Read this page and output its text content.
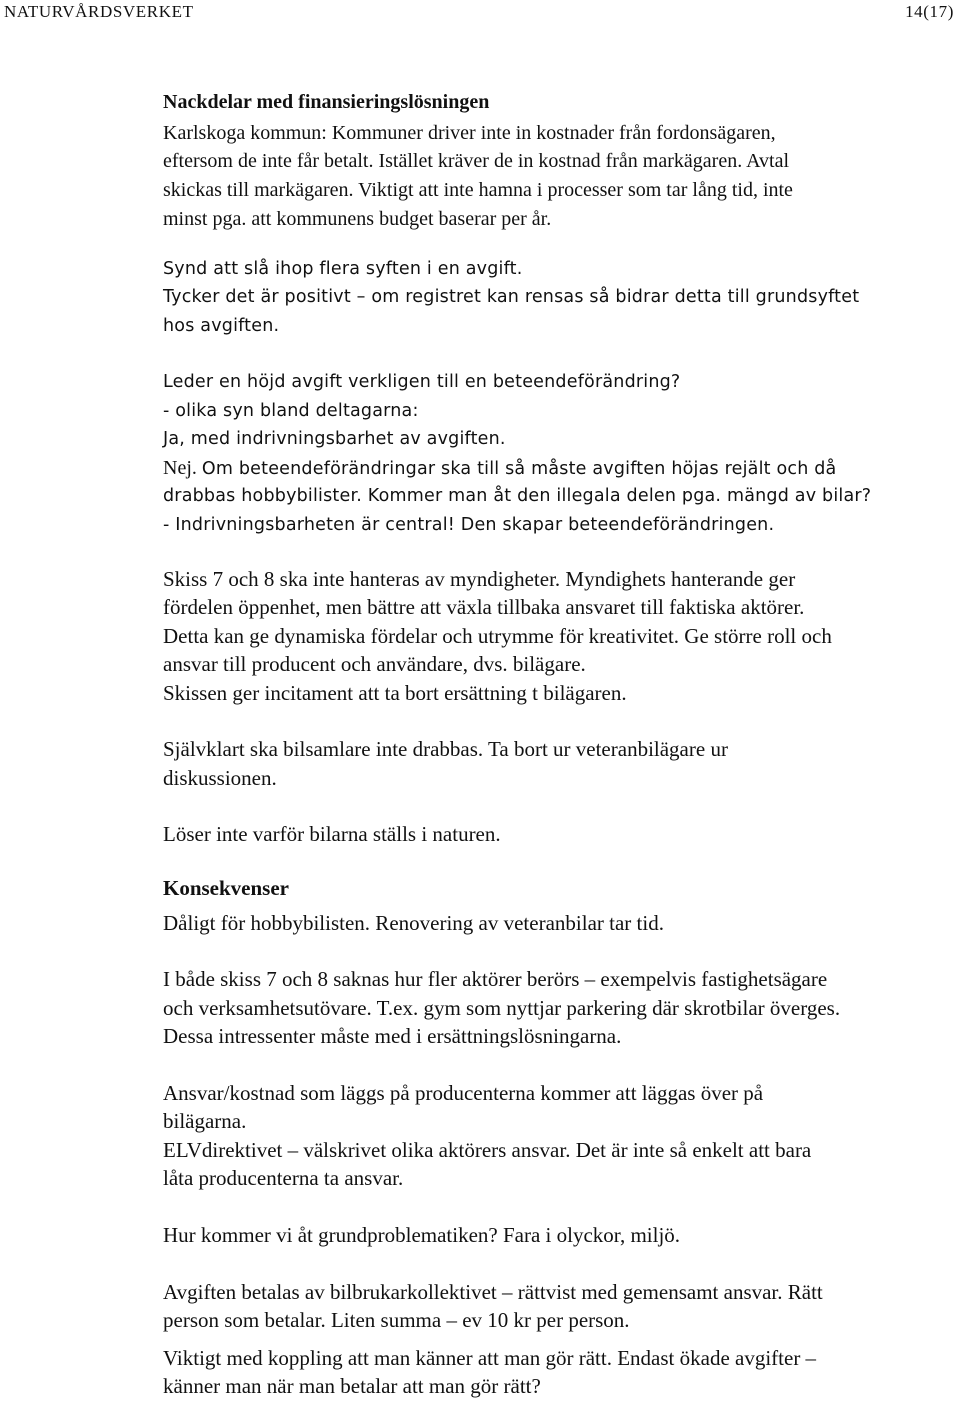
NATURVÅRDSVERKET	14(17)
Nackdelar med finansieringslösningen
Karlskoga kommun: Kommuner driver inte in kostnader från fordonsägaren,
eftersom de inte får betalt. Istället kräver de in kostnad från markägaren. Avtal
skickas till markägaren. Viktigt att inte hamna i processer som tar lång tid, inte
minst pga. att kommunens budget baserar per år.
Synd att slå ihop flera syften i en avgift.
Tycker det är positivt – om registret kan rensas så bidrar detta till grundsyftet
hos avgiften.
Leder en höjd avgift verkligen till en beteendeförändring?
- olika syn bland deltagarna:
Ja, med indrivningsbarhet av avgiften.
Nej. Om beteendeförändringar ska till så måste avgiften höjas rejält och då
drabbas hobbybilister. Kommer man åt den illegala delen pga. mängd av bilar?
- Indrivningsbarheten är central! Den skapar beteendeförändringen.
Skiss 7 och 8 ska inte hanteras av myndigheter. Myndighets hanterande ger
fördelen öppenhet, men bättre att växla tillbaka ansvaret till faktiska aktörer.
Detta kan ge dynamiska fördelar och utrymme för kreativitet. Ge större roll och
ansvar till producent och användare, dvs. bilägare.
Skissen ger incitament att ta bort ersättning t bilägaren.
Självklart ska bilsamlare inte drabbas. Ta bort ur veteranbilägare ur
diskussionen.
Löser inte varför bilarna ställs i naturen.
Konsekvenser
Dåligt för hobbybilisten. Renovering av veteranbilar tar tid.
I både skiss 7 och 8 saknas hur fler aktörer berörs – exempelvis fastighetsägare
och verksamhetsutövare. T.ex. gym som nyttjar parkering där skrotbilar överges.
Dessa intressenter måste med i ersättningslösningarna.
Ansvar/kostnad som läggs på producenterna kommer att läggas över på
bilägarna.
ELVdirektivet – välskrivet olika aktörers ansvar. Det är inte så enkelt att bara
låta producenterna ta ansvar.
Hur kommer vi åt grundproblematiken? Fara i olyckor, miljö.
Avgiften betalas av bilbrukarkollektivet – rättvist med gemensamt ansvar. Rätt
person som betalar. Liten summa – ev 10 kr per person.
Viktigt med koppling att man känner att man gör rätt. Endast ökade avgifter –
känner man när man betalar att man gör rätt?
